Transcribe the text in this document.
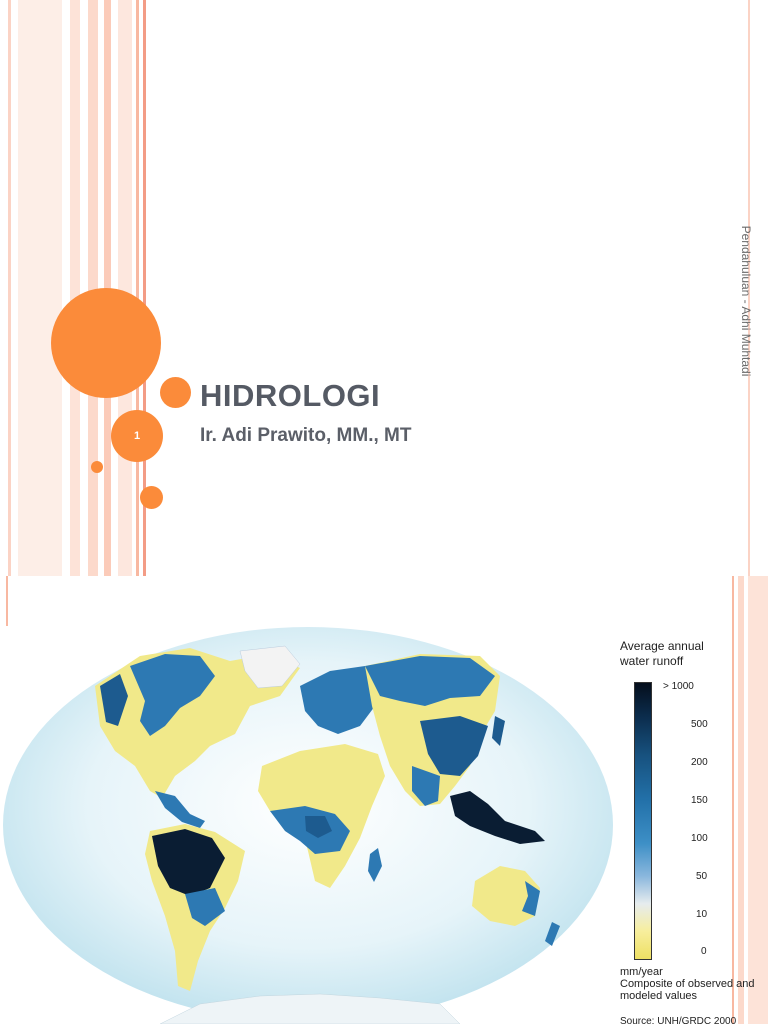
1
HIDROLOGI
Ir. Adi Prawito, MM., MT
Pendahuluan - Adhi Muhtadi
Average annual water runoff
> 1000
500
200
150
100
50
10
0
mm/year
Composite of observed and modeled values
Source: UNH/GRDC 2000
